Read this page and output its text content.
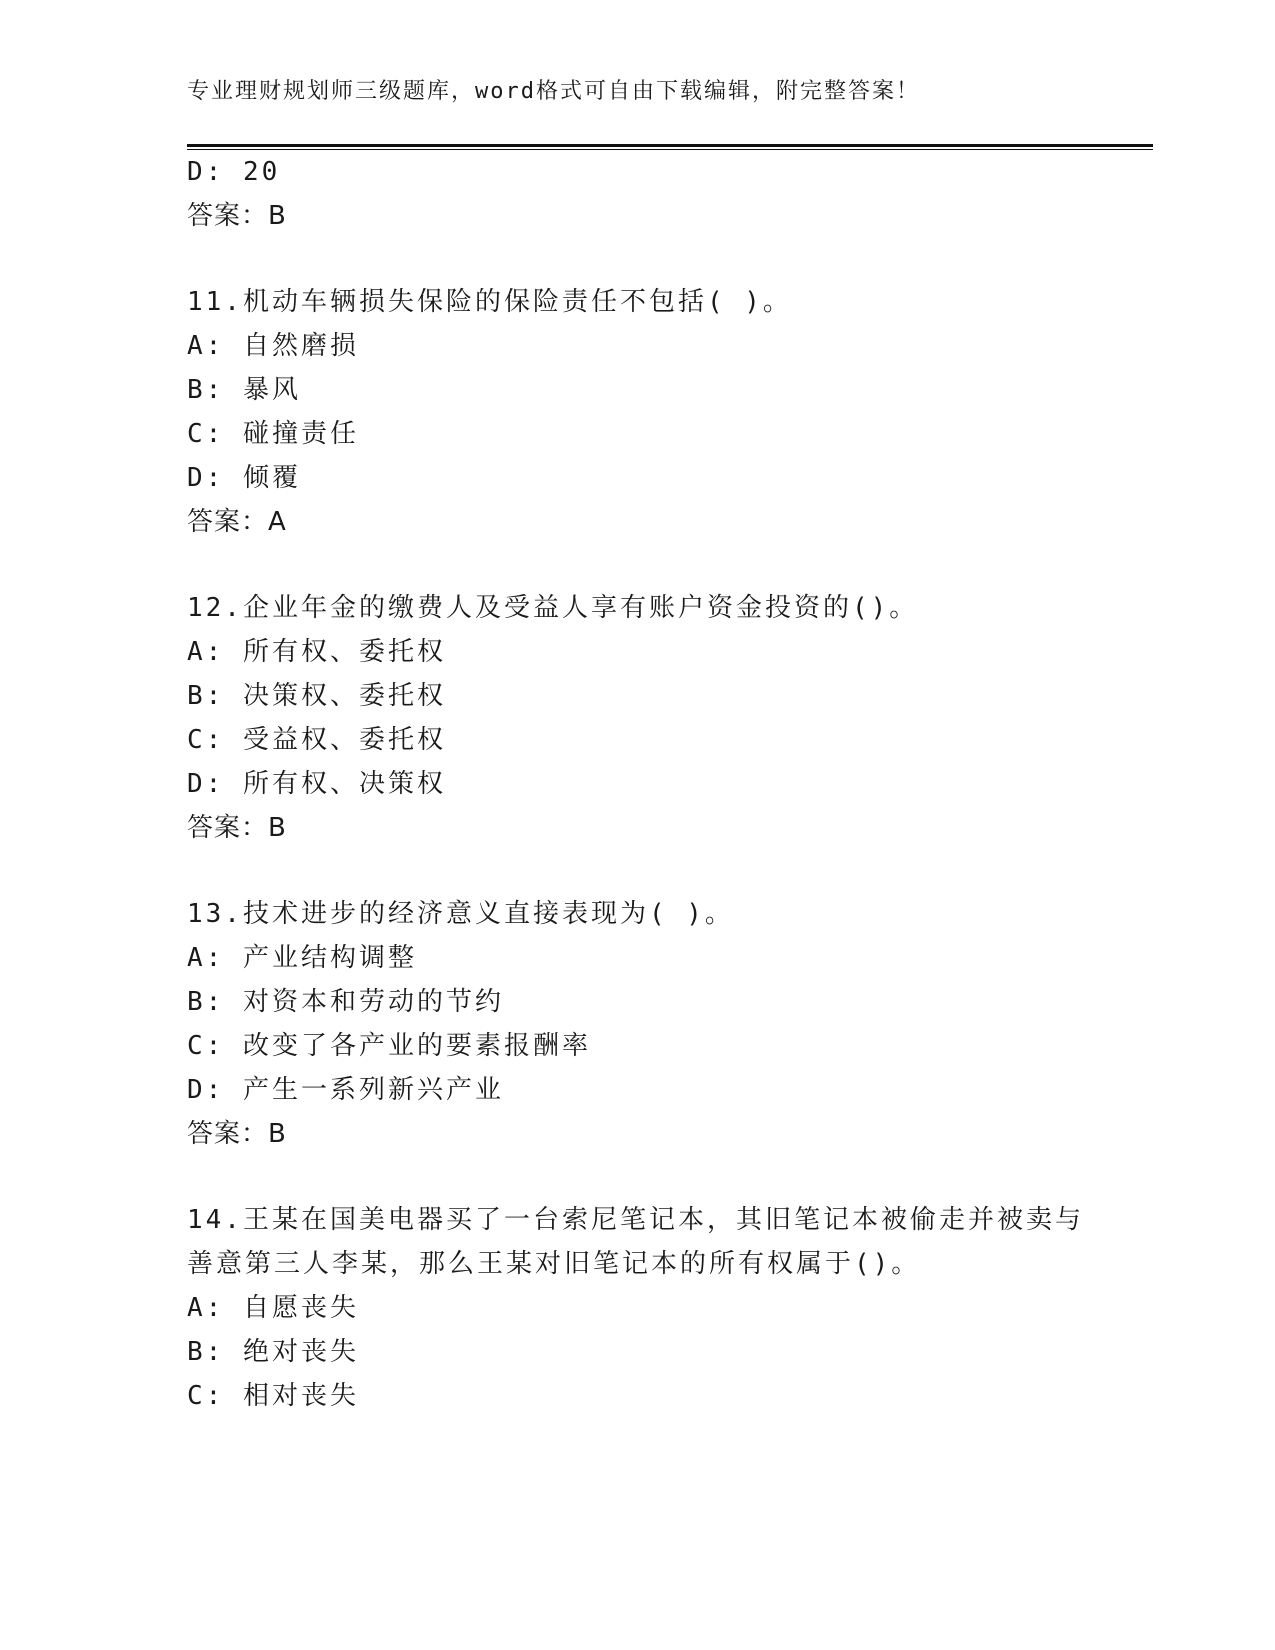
专业理财规划师三级题库，word格式可自由下载编辑，附完整答案！
D: 20
答案：B
11.机动车辆损失保险的保险责任不包括( )。
A: 自然磨损
B: 暴风
C: 碰撞责任
D: 倾覆
答案：A
12.企业年金的缴费人及受益人享有账户资金投资的()。
A: 所有权、委托权
B: 决策权、委托权
C: 受益权、委托权
D: 所有权、决策权
答案：B
13.技术进步的经济意义直接表现为( )。
A: 产业结构调整
B: 对资本和劳动的节约
C: 改变了各产业的要素报酬率
D: 产生一系列新兴产业
答案：B
14.王某在国美电器买了一台索尼笔记本，其旧笔记本被偷走并被卖与
善意第三人李某，那么王某对旧笔记本的所有权属于()。
A: 自愿丧失
B: 绝对丧失
C: 相对丧失
